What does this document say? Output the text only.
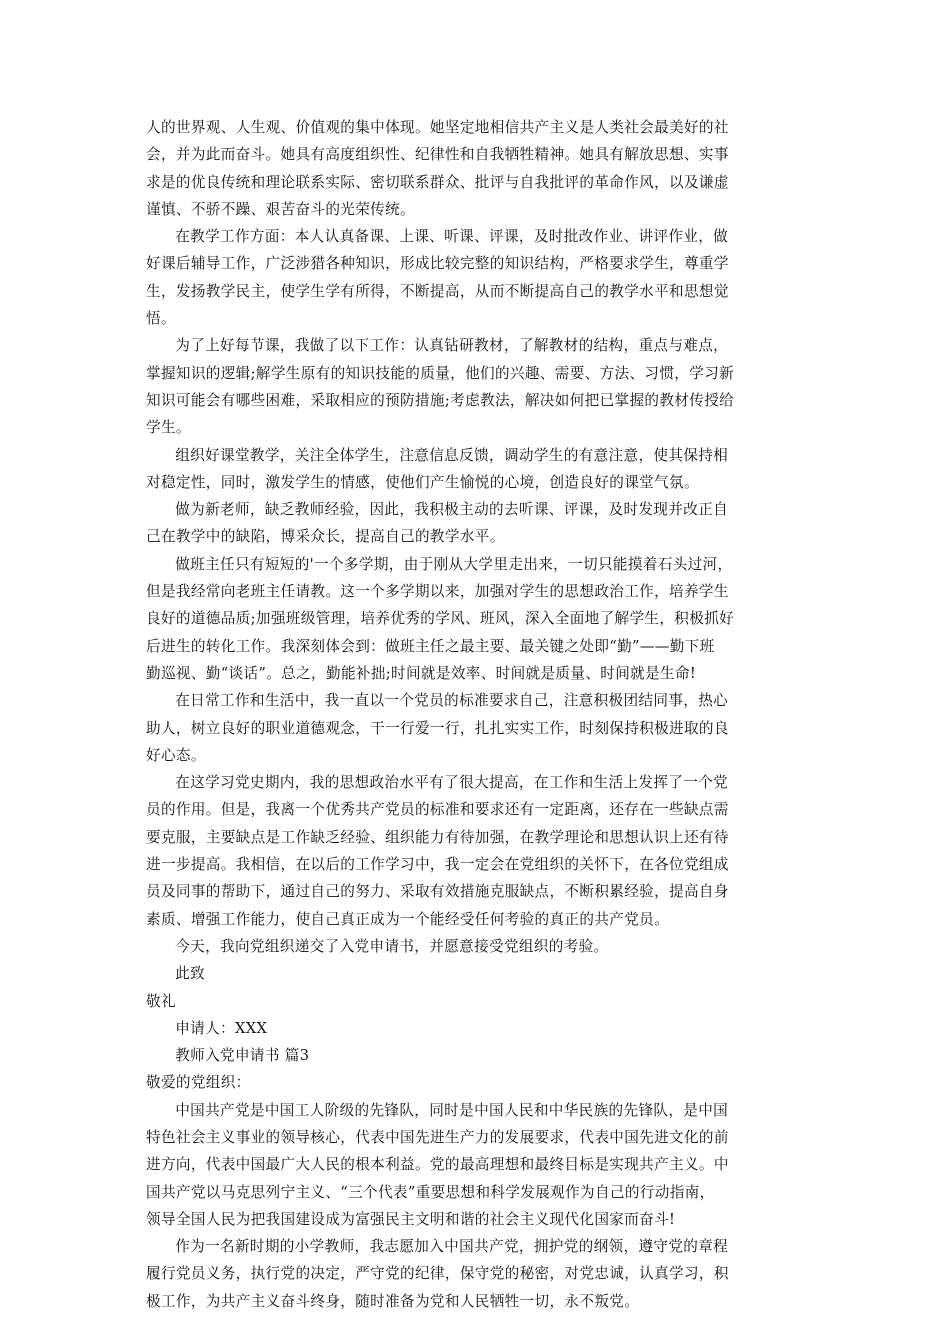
人的世界观、人生观、价值观的集中体现。她坚定地相信共产主义是人类社会最美好的社
会，并为此而奋斗。她具有高度组织性、纪律性和自我牺牲精神。她具有解放思想、实事
求是的优良传统和理论联系实际、密切联系群众、批评与自我批评的革命作风，以及谦虚
谨慎、不骄不躁、艰苦奋斗的光荣传统。
在教学工作方面：本人认真备课、上课、听课、评课，及时批改作业、讲评作业，做
好课后辅导工作，广泛涉猎各种知识，形成比较完整的知识结构，严格要求学生，尊重学
生，发扬教学民主，使学生学有所得，不断提高，从而不断提高自己的教学水平和思想觉
悟。
为了上好每节课，我做了以下工作：认真钻研教材，了解教材的结构，重点与难点，
掌握知识的逻辑;解学生原有的知识技能的质量，他们的兴趣、需要、方法、习惯，学习新
知识可能会有哪些困难，采取相应的预防措施;考虑教法，解决如何把已掌握的教材传授给
学生。
组织好课堂教学，关注全体学生，注意信息反馈，调动学生的有意注意，使其保持相
对稳定性，同时，激发学生的情感，使他们产生愉悦的心境，创造良好的课堂气氛。
做为新老师，缺乏教师经验，因此，我积极主动的去听课、评课，及时发现并改正自
己在教学中的缺陷，博采众长，提高自己的教学水平。
做班主任只有短短的'一个多学期，由于刚从大学里走出来，一切只能摸着石头过河，
但是我经常向老班主任请教。这一个多学期以来，加强对学生的思想政治工作，培养学生
良好的道德品质;加强班级管理，培养优秀的学风、班风，深入全面地了解学生，积极抓好
后进生的转化工作。我深刻体会到：做班主任之最主要、最关键之处即“勤”——勤下班
勤巡视、勤“谈话”。总之，勤能补拙;时间就是效率、时间就是质量、时间就是生命!
在日常工作和生活中，我一直以一个党员的标准要求自己，注意积极团结同事，热心
助人，树立良好的职业道德观念，干一行爱一行，扎扎实实工作，时刻保持积极进取的良
好心态。
在这学习党史期内，我的思想政治水平有了很大提高，在工作和生活上发挥了一个党
员的作用。但是，我离一个优秀共产党员的标准和要求还有一定距离，还存在一些缺点需
要克服，主要缺点是工作缺乏经验、组织能力有待加强，在教学理论和思想认识上还有待
进一步提高。我相信，在以后的工作学习中，我一定会在党组织的关怀下，在各位党组成
员及同事的帮助下，通过自己的努力、采取有效措施克服缺点，不断积累经验，提高自身
素质、增强工作能力，使自己真正成为一个能经受任何考验的真正的共产党员。
今天，我向党组织递交了入党申请书，并愿意接受党组织的考验。
此致
敬礼
申请人：XXX
教师入党申请书 篇3
敬爱的党组织：
中国共产党是中国工人阶级的先锋队，同时是中国人民和中华民族的先锋队，是中国
特色社会主义事业的领导核心，代表中国先进生产力的发展要求，代表中国先进文化的前
进方向，代表中国最广大人民的根本利益。党的最高理想和最终目标是实现共产主义。中
国共产党以马克思列宁主义、“三个代表”重要思想和科学发展观作为自己的行动指南，
领导全国人民为把我国建设成为富强民主文明和谐的社会主义现代化国家而奋斗!
作为一名新时期的小学教师，我志愿加入中国共产党，拥护党的纲领，遵守党的章程
履行党员义务，执行党的决定，严守党的纪律，保守党的秘密，对党忠诚，认真学习，积
极工作，为共产主义奋斗终身，随时准备为党和人民牺牲一切，永不叛党。
